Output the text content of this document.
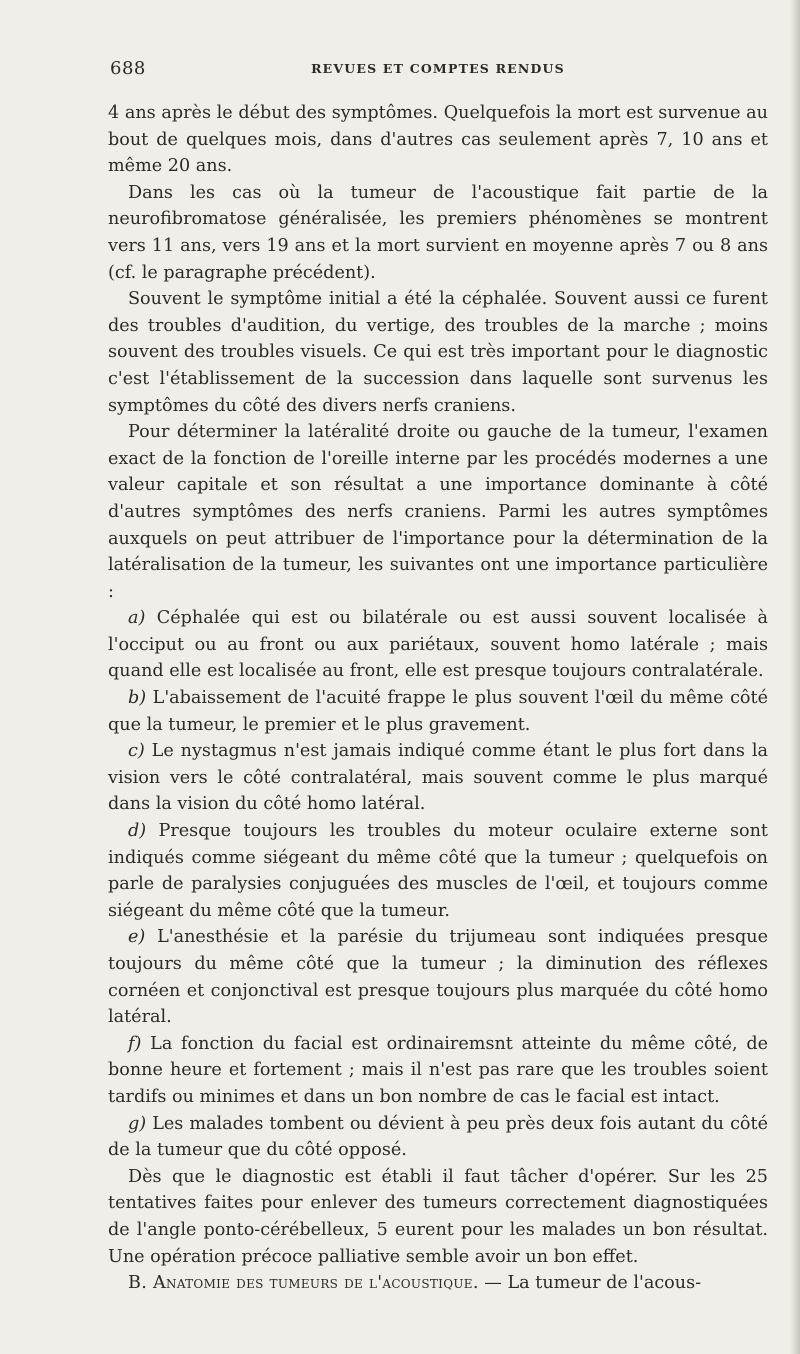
688	REVUES ET COMPTES RENDUS

4 ans après le début des symptômes. Quelquefois la mort est survenue au bout de quelques mois, dans d'autres cas seulement après 7, 10 ans et même 20 ans.

Dans les cas où la tumeur de l'acoustique fait partie de la neurofibromatose généralisée, les premiers phénomènes se montrent vers 11 ans, vers 19 ans et la mort survient en moyenne après 7 ou 8 ans (cf. le paragraphe précédent).

Souvent le symptôme initial a été la céphalée. Souvent aussi ce furent des troubles d'audition, du vertige, des troubles de la marche ; moins souvent des troubles visuels. Ce qui est très important pour le diagnostic c'est l'établissement de la succession dans laquelle sont survenus les symptômes du côté des divers nerfs craniens.

Pour déterminer la latéralité droite ou gauche de la tumeur, l'examen exact de la fonction de l'oreille interne par les procédés modernes a une valeur capitale et son résultat a une importance dominante à côté d'autres symptômes des nerfs craniens. Parmi les autres symptômes auxquels on peut attribuer de l'importance pour la détermination de la latéralisation de la tumeur, les suivantes ont une importance particulière :

a) Céphalée qui est ou bilatérale ou est aussi souvent localisée à l'occiput ou au front ou aux pariétaux, souvent homo latérale ; mais quand elle est localisée au front, elle est presque toujours contralatérale.

b) L'abaissement de l'acuité frappe le plus souvent l'œil du même côté que la tumeur, le premier et le plus gravement.

c) Le nystagmus n'est jamais indiqué comme étant le plus fort dans la vision vers le côté contralatéral, mais souvent comme le plus marqué dans la vision du côté homo latéral.

d) Presque toujours les troubles du moteur oculaire externe sont indiqués comme siégeant du même côté que la tumeur ; quelquefois on parle de paralysies conjuguées des muscles de l'œil, et toujours comme siégeant du même côté que la tumeur.

e) L'anesthésie et la parésie du trijumeau sont indiquées presque toujours du même côté que la tumeur ; la diminution des réflexes cornéen et conjonctival est presque toujours plus marquée du côté homo latéral.

f) La fonction du facial est ordinairemsnt atteinte du même côté, de bonne heure et fortement ; mais il n'est pas rare que les troubles soient tardifs ou minimes et dans un bon nombre de cas le facial est intact.

g) Les malades tombent ou dévient à peu près deux fois autant du côté de la tumeur que du côté opposé.

Dès que le diagnostic est établi il faut tâcher d'opérer. Sur les 25 tentatives faites pour enlever des tumeurs correctement diagnostiquées de l'angle ponto-cérébelleux, 5 eurent pour les malades un bon résultat. Une opération précoce palliative semble avoir un bon effet.

B. Anatomie des tumeurs de l'acoustique. — La tumeur de l'acous-
